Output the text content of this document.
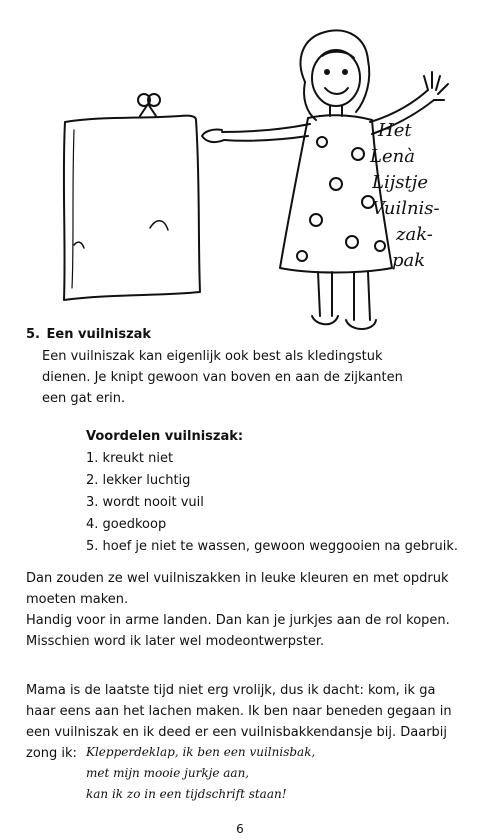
Het
Lenà
Lijstje
Vuilnis-
zak-
pak
5. Een vuilniszak

Een vuilniszak kan eigenlijk ook best als kledingstuk dienen. Je knipt gewoon van boven en aan de zijkanten een gat erin.

Voordelen vuilniszak:
1. kreukt niet
2. lekker luchtig
3. wordt nooit vuil
4. goedkoop
5. hoef je niet te wassen, gewoon weggooien na gebruik.

Dan zouden ze wel vuilniszakken in leuke kleuren en met opdruk moeten maken.

Handig voor in arme landen. Dan kan je jurkjes aan de rol kopen.

Misschien word ik later wel modeontwerpster.

Mama is de laatste tijd niet erg vrolijk, dus ik dacht: kom, ik ga haar eens aan het lachen maken. Ik ben naar beneden gegaan in een vuilniszak en ik deed er een vuilnisbakkendansje bij. Daarbij zong ik: Klepperdeklap, ik ben een vuilnisbak,
met mijn mooie jurkje aan,
kan ik zo in een tijdschrift staan!
6
